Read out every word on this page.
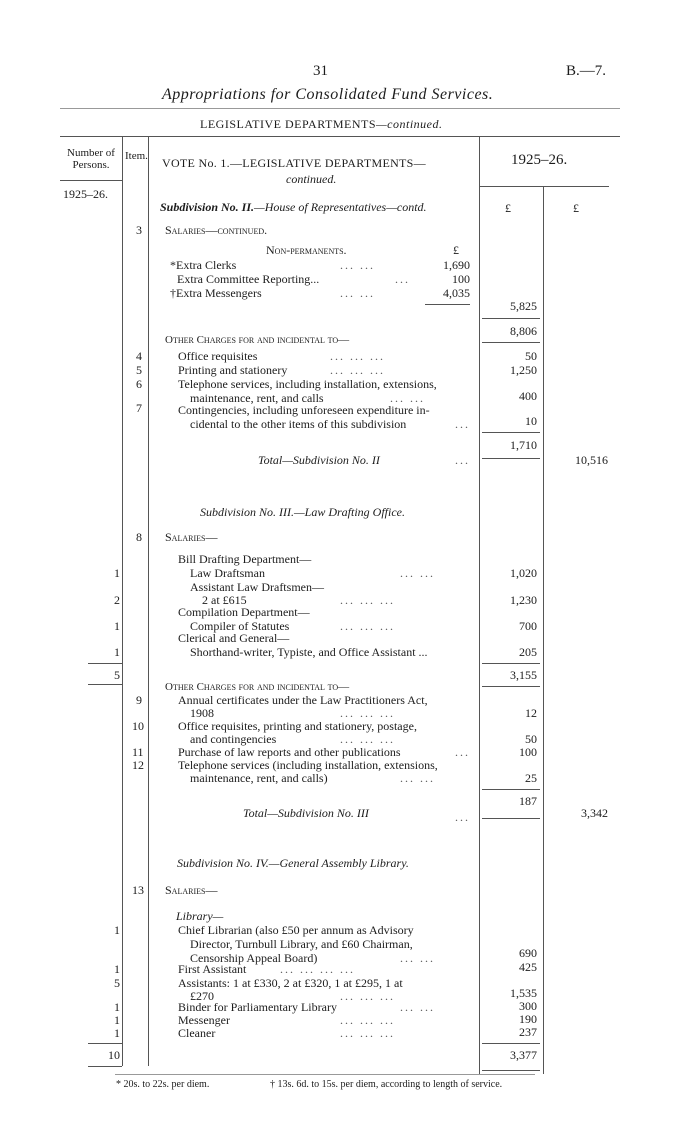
31	B.—7.
Appropriations for Consolidated Fund Services.
LEGISLATIVE DEPARTMENTS—continued.
Number of Persons.
Item. VOTE No. 1.—LEGISLATIVE DEPARTMENTS—
continued.
1925–26.
1925–26.
£	£
Subdivision No. II.—House of Representatives—contd.
3 Salaries—continued.
Non-permanents.	£
*Extra Clerks	... ...	1,690
Extra Committee Reporting...	...	100
†Extra Messengers	... ...	4,035
5,825
8,806
Other Charges for and incidental to—
4	Office requisites	... ... ...	50
5	Printing and stationery	... ... ...	1,250
6	Telephone services, including installation, extensions,
maintenance, rent, and calls	... ...	400
7	Contingencies, including unforeseen expenditure in-
cidental to the other items of this subdivision	...	10
1,710
Total—Subdivision No. II	...	10,516
Subdivision No. III.—Law Drafting Office.
8 Salaries—
Bill Drafting Department—
1	Law Draftsman	... ...	1,020
Assistant Law Draftsmen—
2	2 at £615	... ... ...	1,230
Compilation Department—
1	Compiler of Statutes	... ... ...	700
Clerical and General—
1	Shorthand-writer, Typiste, and Office Assistant ...	205
5	3,155
Other Charges for and incidental to—
9	Annual certificates under the Law Practitioners Act,
1908	... ... ...	12
10	Office requisites, printing and stationery, postage,
and contingencies	... ... ...	50
11	Purchase of law reports and other publications	...	100
12	Telephone services (including installation, extensions,
maintenance, rent, and calls)	... ...	25
187
Total—Subdivision No. III	...	3,342
Subdivision No. IV.—General Assembly Library.
13 Salaries—
Library—
1	Chief Librarian (also £50 per annum as Advisory
Director, Turnbull Library, and £60 Chairman,
Censorship Appeal Board)	... ...	690
1	First Assistant	... ... ... ...	425
5	Assistants: 1 at £330, 2 at £320, 1 at £295, 1 at
£270	... ... ...	1,535
1	Binder for Parliamentary Library	... ...	300
1	Messenger	... ... ...	190
1	Cleaner	... ... ...	237
10	3,377
* 20s. to 22s. per diem.	† 13s. 6d. to 15s. per diem, according to length of service.
